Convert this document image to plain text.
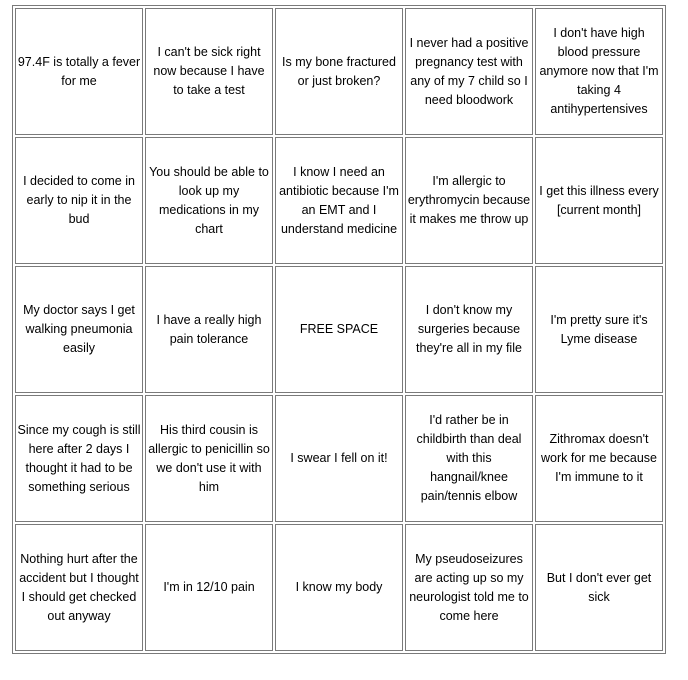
97.4F is totally a fever for me	I can't be sick right now because I have to take a test	Is my bone fractured or just broken?	I never had a positive pregnancy test with any of my 7 child so I need bloodwork	I don't have high blood pressure anymore now that I'm taking 4 antihypertensives
I decided to come in early to nip it in the bud	You should be able to look up my medications in my chart	I know I need an antibiotic because I'm an EMT and I understand medicine	I'm allergic to erythromycin because it makes me throw up	I get this illness every [current month]
My doctor says I get walking pneumonia easily	I have a really high pain tolerance	FREE SPACE	I don't know my surgeries because they're all in my file	I'm pretty sure it's Lyme disease
Since my cough is still here after 2 days I thought it had to be something serious	His third cousin is allergic to penicillin so we don't use it with him	I swear I fell on it!	I'd rather be in childbirth than deal with this hangnail/knee pain/tennis elbow	Zithromax doesn't work for me because I'm immune to it
Nothing hurt after the accident but I thought I should get checked out anyway	I'm in 12/10 pain	I know my body	My pseudoseizures are acting up so my neurologist told me to come here	But I don't ever get sick
